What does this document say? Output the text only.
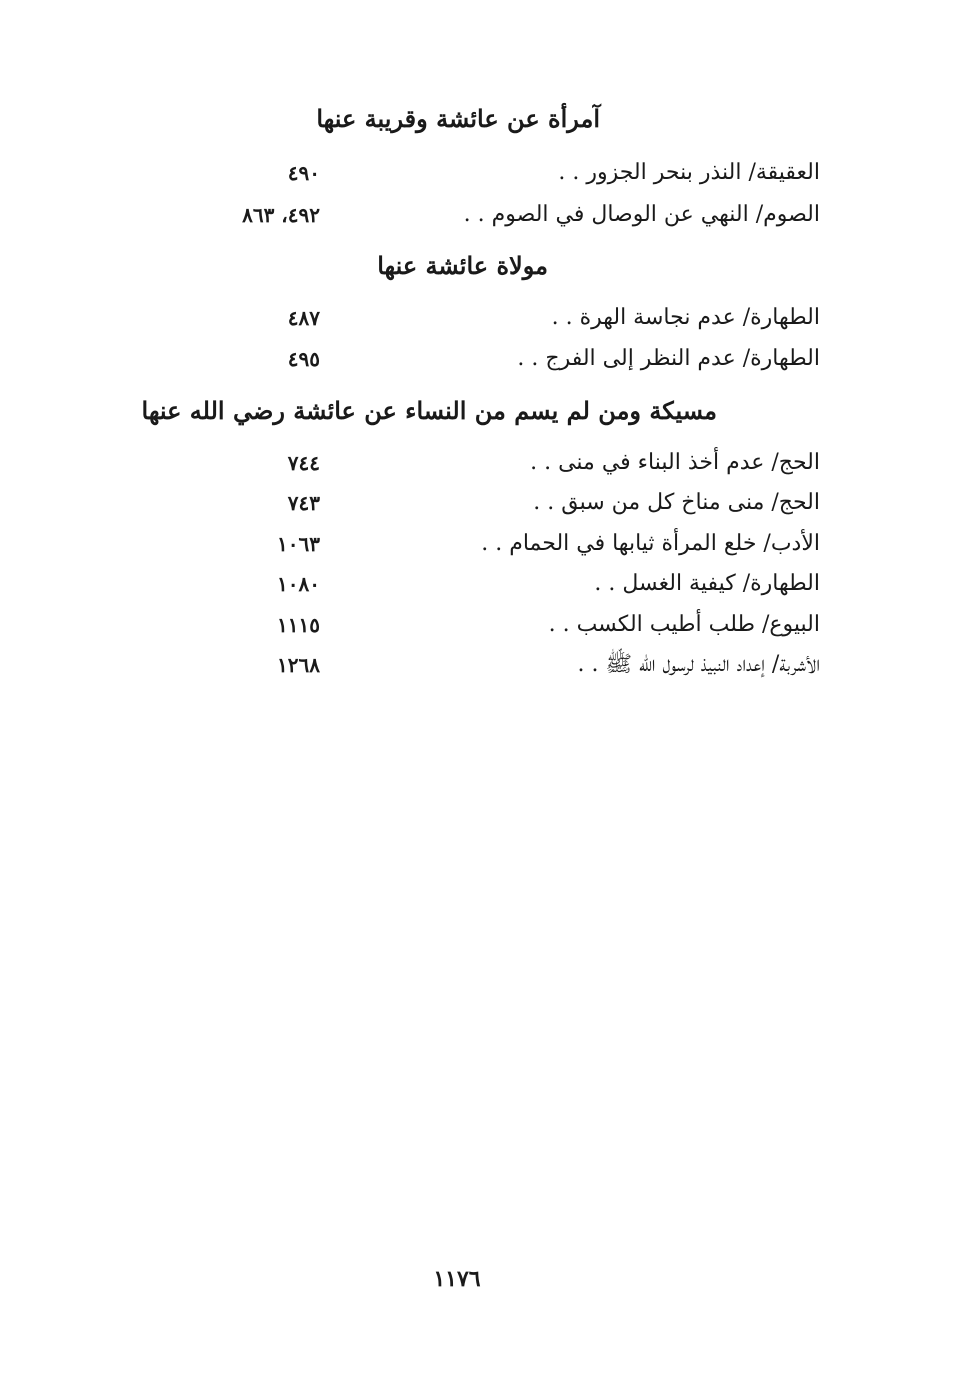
آمرأة عن عائشة وقريبة عنها
العقيقة/ النذر بنحر الجزور . .
٤٩٠
الصوم/ النهي عن الوصال في الصوم . .
٤٩٢، ٨٦٣
مولاة عائشة عنها
الطهارة/ عدم نجاسة الهرة . .
٤٨٧
الطهارة/ عدم النظر إلى الفرج . .
٤٩٥
مسيكة ومن لم يسم من النساء عن عائشة رضي الله عنها
الحج/ عدم أخذ البناء في منى . .
٧٤٤
الحج/ منى مناخ كل من سبق . .
٧٤٣
الأدب/ خلع المرأة ثيابها في الحمام . .
١٠٦٣
الطهارة/ كيفية الغسل . .
١٠٨٠
البيوع/ طلب أطيب الكسب . .
١١١٥
الأشربة/ إعداد النبيذ لرسول الله ﷺ . .
١٢٦٨
١١٧٦
